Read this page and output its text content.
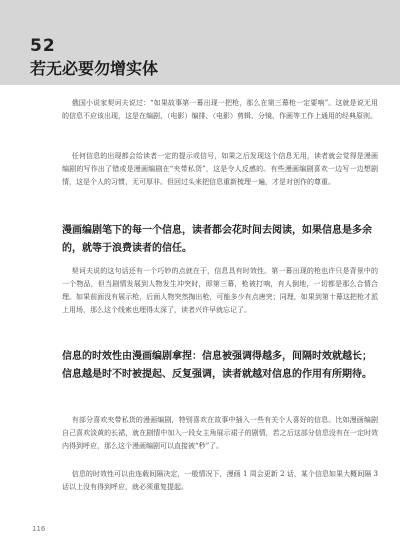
52
若无必要勿增实体

俄国小说家契诃夫说过：“如果故事第一幕出现一把枪，那么在第三幕枪一定要响”。这就是说无用的信息不应该出现，这是在编剧、（电影）编排、（电影）剪辑、分镜、作画等工作上通用的经典原则。

任何信息的出现都会给读者一定的提示或信号，如果之后发现这个信息无用，读者就会觉得是漫画编剧的写作出了错或是漫画编剧在“夹带私货”，这是令人反感的。有些漫画编剧喜欢一边写一边想剧情，这是个人的习惯，无可厚非。但回过头来把信息重新梳理一遍，才是对创作的尊重。

漫画编剧笔下的每一个信息，读者都会花时间去阅读，如果信息是多余的，就等于浪费读者的信任。

契诃夫说的这句话还有一个巧妙的点就在于，信息具有时效性。第一幕出现的枪也许只是背景中的一个物品，但当剧情发展到人物发生冲突时，即第三幕，枪被打响，有人倒地，一切都是那么合情合理。如果前面没有展示枪，后面人物突然掏出枪，可能多少有点唐突；同理，如果到第十幕这把枪才派上用场，那么这个线索也埋得太深了，读者兴许早就忘记了。

信息的时效性由漫画编剧拿捏：信息被强调得越多，间隔时效就越长；信息越是时不时被提起、反复强调，读者就越对信息的作用有所期待。

有部分喜欢夹带私货的漫画编剧，特别喜欢在故事中插入一些有关个人喜好的信息。比如漫画编剧自己喜欢淡黄的长裙，就在剧情中加入一段女主角展示裙子的剧情，若之后这部分信息没有在一定时效内得到呼应，那么这个漫画编剧可以直接被“秒”了。

信息的时效性可以由连载间隔决定，一般情况下，漫画 1 周会更新 2 话，某个信息如果大概间隔 3 话以上没有得到呼应，就必须重复提起。

116
